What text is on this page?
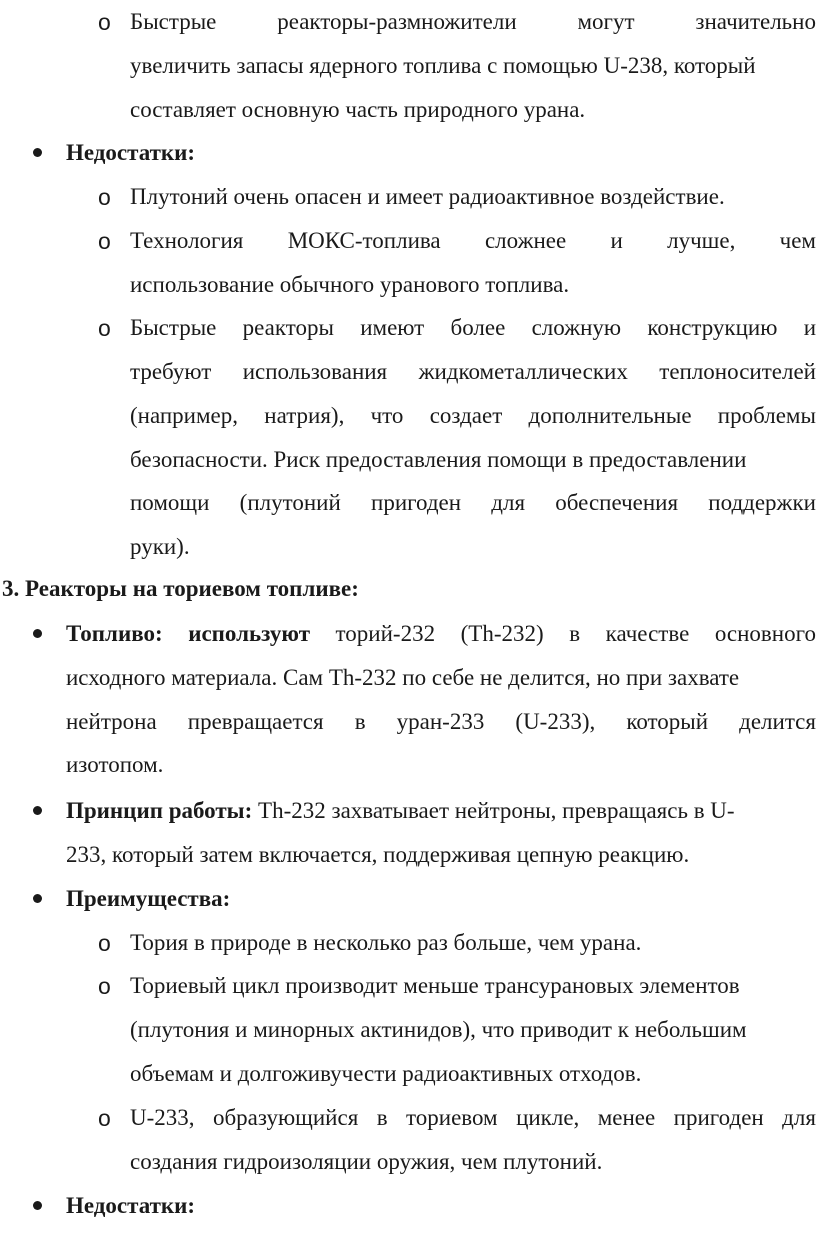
o Быстрые	реакторы-размножители	могут	значительно

увеличить запасы ядерного топлива с помощью U-238, который

составляет основную часть природного урана.

Недостатки:

o Плутоний очень опасен и имеет радиоактивное воздействие.

o Технология МОКС-топлива сложнее и лучше, чем

использование обычного уранового топлива.

o Быстрые реакторы имеют более сложную конструкцию и
требуют использования жидкометаллических теплоносителей
(например, натрия), что создает дополнительные проблемы

безопасности. Риск предоставления помощи в предоставлении

помощи (плутоний пригоден для обеспечения поддержки

руки).

3. Реакторы на ториевом топливе:

Топливо: используют торий-232 (Th-232) в качестве основного

исходного материала. Сам Th-232 по себе не делится, но при захвате

нейтрона превращается в уран-233 (U-233), который делится

изотопом.

Принцип работы: Th-232 захватывает нейтроны, превращаясь в U-

233, который затем включается, поддерживая цепную реакцию.

Преимущества:

o Тория в природе в несколько раз больше, чем урана.

o Ториевый цикл производит меньше трансурановых элементов

(плутония и минорных актинидов), что приводит к небольшим

объемам и долгоживучести радиоактивных отходов.

o U-233, образующийся в ториевом цикле, менее пригоден для

создания гидроизоляции оружия, чем плутоний.

Недостатки:
